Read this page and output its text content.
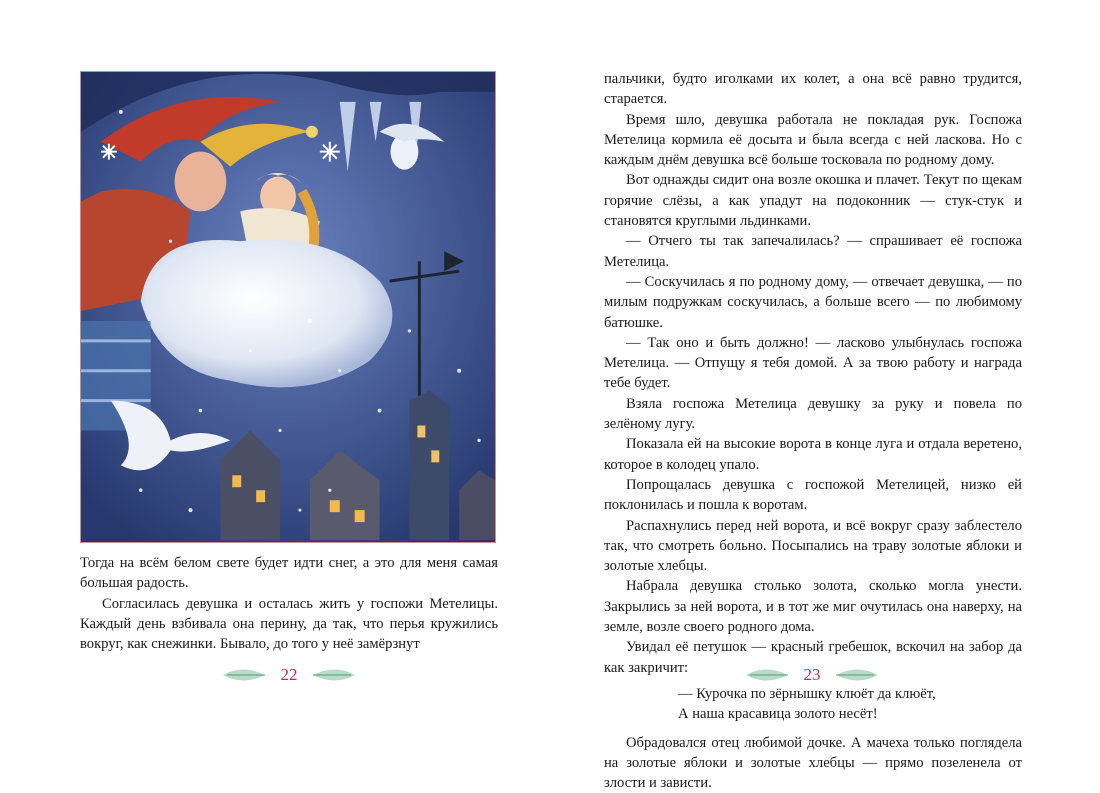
Тогда на всём белом свете будет идти снег, а это для меня самая большая радость.

Согласилась девушка и осталась жить у госпожи Метелицы. Каждый день взбивала она перину, да так, что перья кружились вокруг, как снежинки. Бывало, до того у неё замёрзнут

22

пальчики, будто иголками их колет, а она всё равно трудится, старается.

Время шло, девушка работала не покладая рук. Госпожа Метелица кормила её досыта и была всегда с ней ласкова. Но с каждым днём девушка всё больше тосковала по родному дому.

Вот однажды сидит она возле окошка и плачет. Текут по щекам горячие слёзы, а как упадут на подоконник — стук-стук и становятся круглыми льдинками.

— Отчего ты так запечалилась? — спрашивает её госпожа Метелица.

— Соскучилась я по родному дому, — отвечает девушка, — по милым подружкам соскучилась, а больше всего — по любимому батюшке.

— Так оно и быть должно! — ласково улыбнулась госпожа Метелица. — Отпущу я тебя домой. А за твою работу и награда тебе будет.

Взяла госпожа Метелица девушку за руку и повела по зелёному лугу.

Показала ей на высокие ворота в конце луга и отдала веретено, которое в колодец упало.

Попрощалась девушка с госпожой Метелицей, низко ей поклонилась и пошла к воротам.

Распахнулись перед ней ворота, и всё вокруг сразу заблестело так, что смотреть больно. Посыпались на траву золотые яблоки и золотые хлебцы.

Набрала девушка столько золота, сколько могла унести. Закрылись за ней ворота, и в тот же миг очутилась она наверху, на земле, возле своего родного дома.

Увидал её петушок — красный гребешок, вскочил на забор да как закричит:

— Курочка по зёрнышку клюёт да клюёт,
А наша красавица золото несёт!

Обрадовался отец любимой дочке. А мачеха только поглядела на золотые яблоки и золотые хлебцы — прямо позеленела от злости и зависти.

23
